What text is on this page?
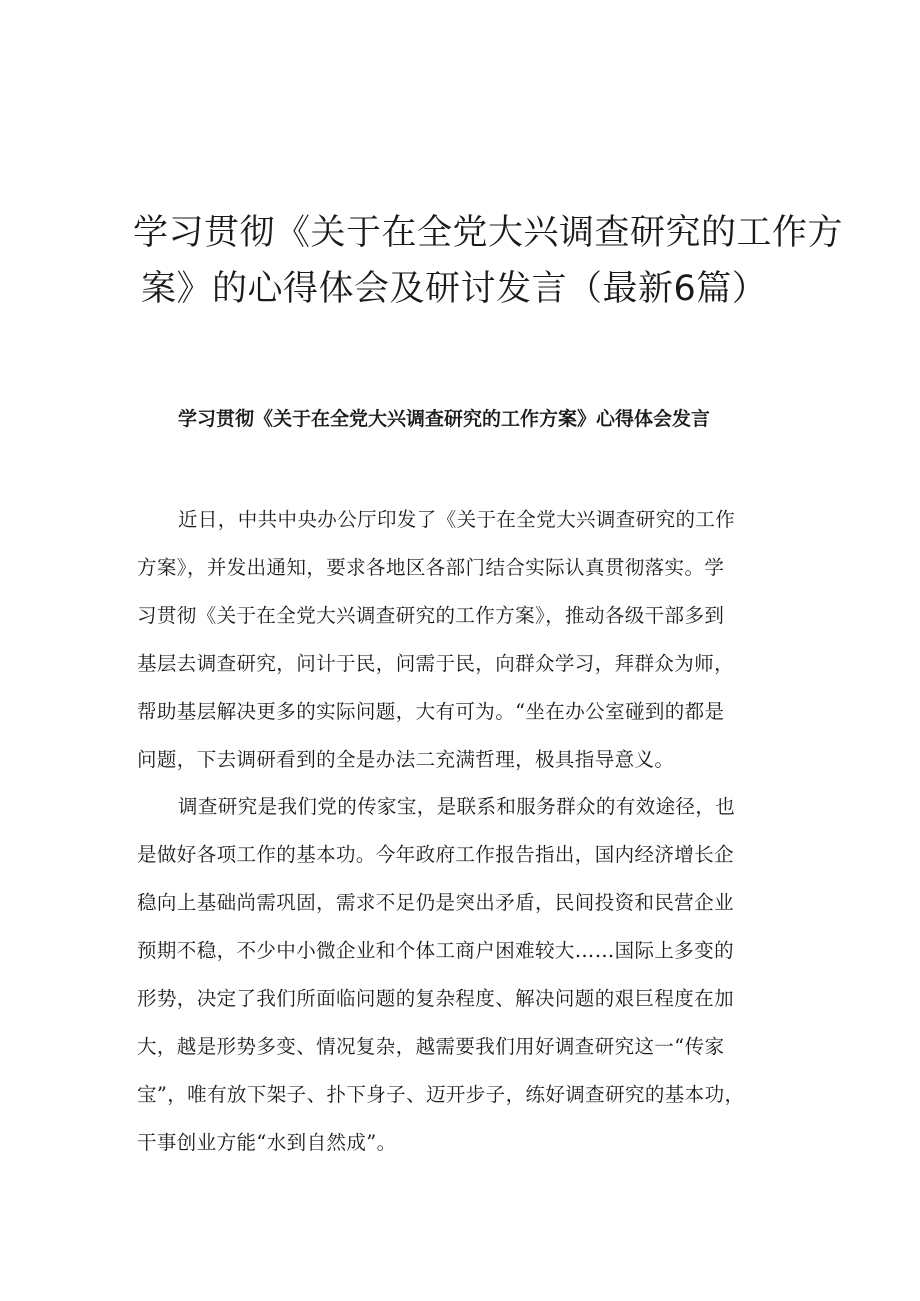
学习贯彻《关于在全党大兴调查研究的工作方
案》的心得体会及研讨发言（最新6篇）
学习贯彻《关于在全党大兴调查研究的工作方案》心得体会发言
近日，中共中央办公厅印发了《关于在全党大兴调查研究的工作
方案》，并发出通知，要求各地区各部门结合实际认真贯彻落实。学
习贯彻《关于在全党大兴调查研究的工作方案》，推动各级干部多到
基层去调查研究，问计于民，问需于民，向群众学习，拜群众为师，
帮助基层解决更多的实际问题，大有可为。“坐在办公室碰到的都是
问题，下去调研看到的全是办法二充满哲理，极具指导意义。
调查研究是我们党的传家宝，是联系和服务群众的有效途径，也
是做好各项工作的基本功。今年政府工作报告指出，国内经济增长企
稳向上基础尚需巩固，需求不足仍是突出矛盾，民间投资和民营企业
预期不稳，不少中小微企业和个体工商户困难较大……国际上多变的
形势，决定了我们所面临问题的复杂程度、解决问题的艰巨程度在加
大，越是形势多变、情况复杂，越需要我们用好调查研究这一“传家
宝”，唯有放下架子、扑下身子、迈开步子，练好调查研究的基本功，
干事创业方能“水到自然成”。
